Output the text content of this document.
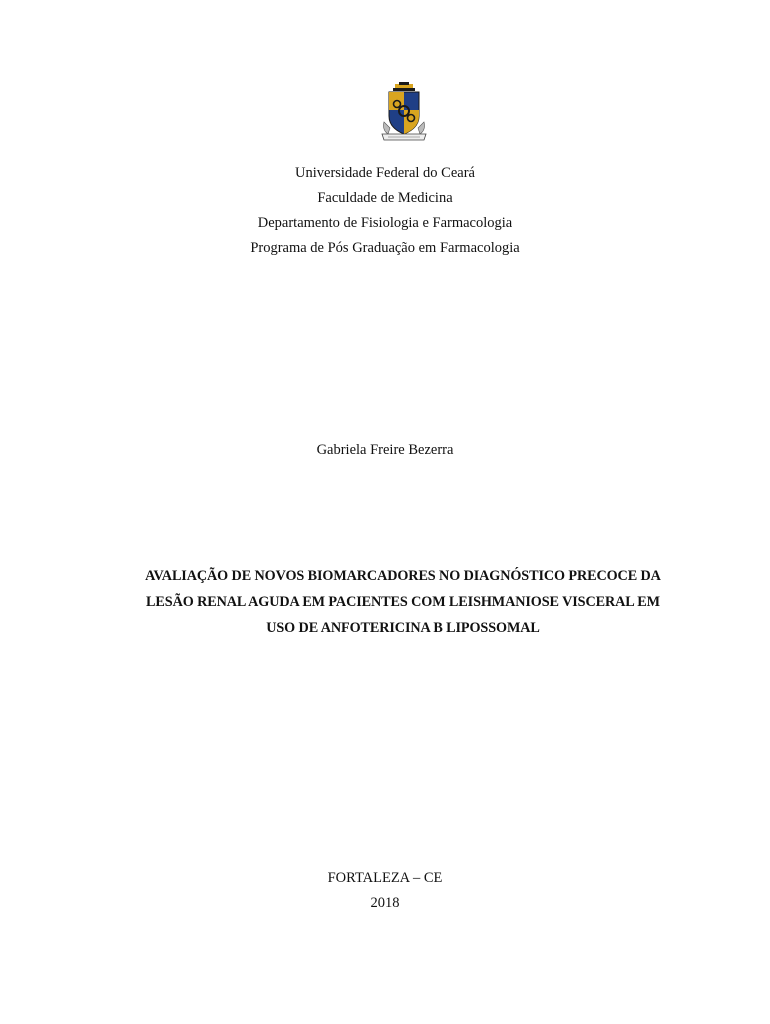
Universidade Federal do Ceará
Faculdade de Medicina
Departamento de Fisiologia e Farmacologia
Programa de Pós Graduação em Farmacologia
Gabriela Freire Bezerra
AVALIAÇÃO DE NOVOS BIOMARCADORES NO DIAGNÓSTICO PRECOCE DA
LESÃO RENAL AGUDA EM PACIENTES COM LEISHMANIOSE VISCERAL EM
USO DE ANFOTERICINA B LIPOSSOMAL
FORTALEZA – CE
2018
